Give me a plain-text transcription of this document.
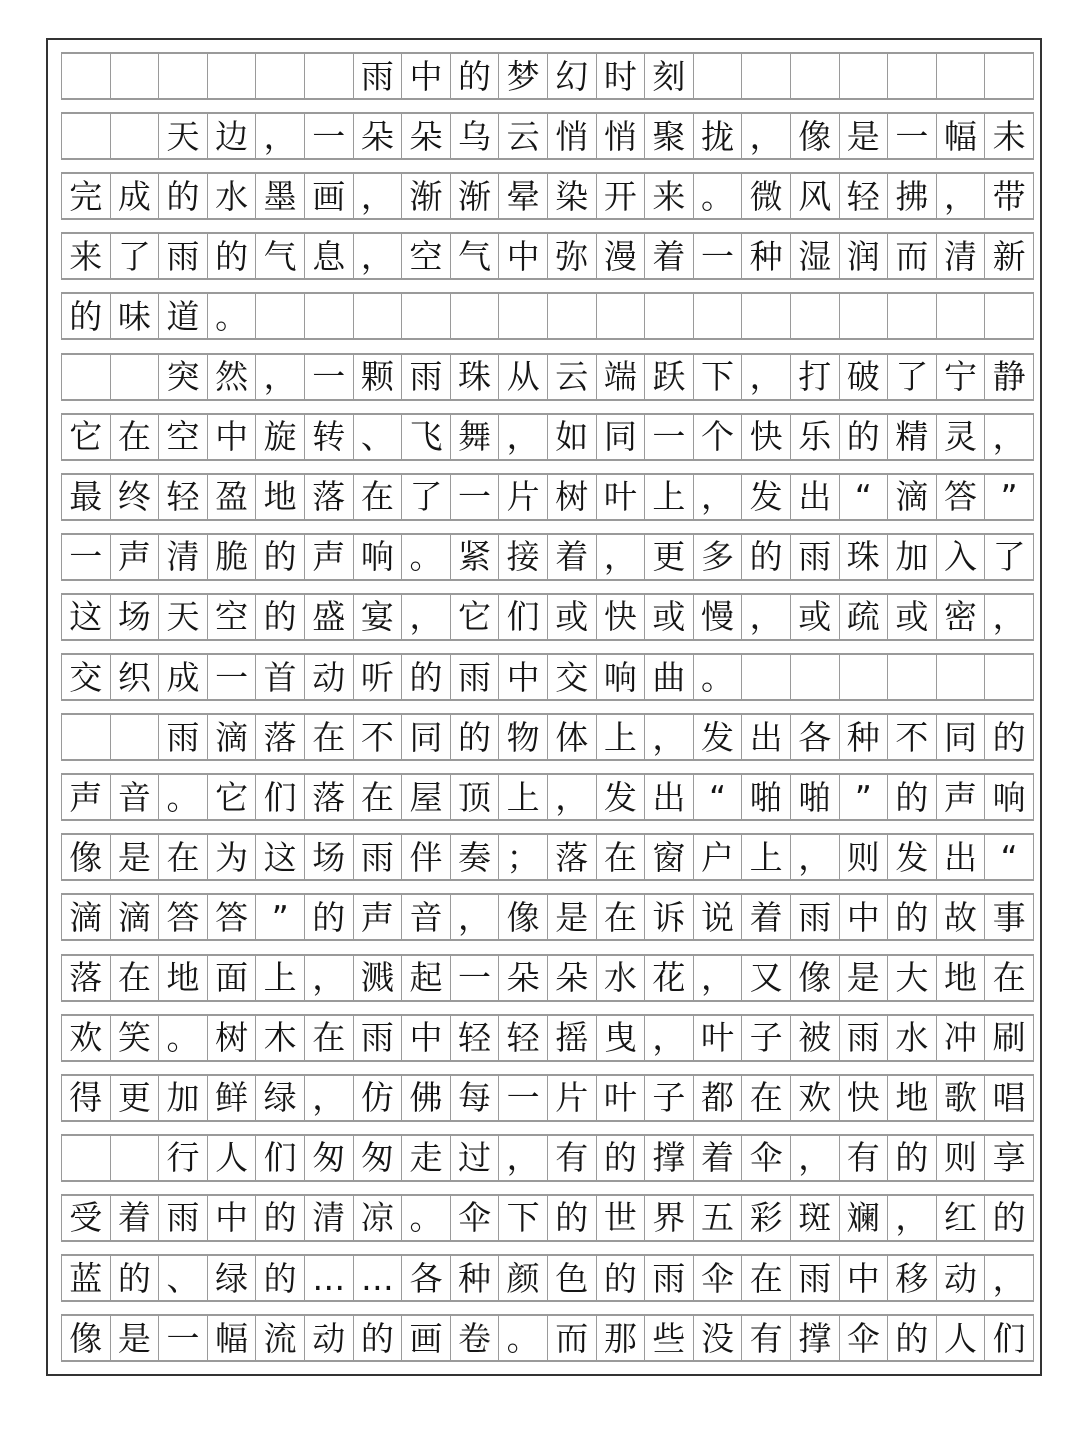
雨 中 的 梦 幻 时 刻
天 边 ， 一 朵 朵 乌 云 悄 悄 聚 拢 ， 像 是 一 幅 未
完 成 的 水 墨 画 ， 渐 渐 晕 染 开 来 。 微 风 轻 拂 ， 带
来 了 雨 的 气 息 ， 空 气 中 弥 漫 着 一 种 湿 润 而 清 新
的 味 道 。
突 然 ， 一 颗 雨 珠 从 云 端 跃 下 ， 打 破 了 宁 静
它 在 空 中 旋 转 、 飞 舞 ， 如 同 一 个 快 乐 的 精 灵 ，
最 终 轻 盈 地 落 在 了 一 片 树 叶 上 ， 发 出 “ 滴 答 ”
一 声 清 脆 的 声 响 。 紧 接 着 ， 更 多 的 雨 珠 加 入 了
这 场 天 空 的 盛 宴 ， 它 们 或 快 或 慢 ， 或 疏 或 密 ，
交 织 成 一 首 动 听 的 雨 中 交 响 曲 。
雨 滴 落 在 不 同 的 物 体 上 ， 发 出 各 种 不 同 的
声 音 。 它 们 落 在 屋 顶 上 ， 发 出 “ 啪 啪 ” 的 声 响
像 是 在 为 这 场 雨 伴 奏 ； 落 在 窗 户 上 ， 则 发 出 “
滴 滴 答 答 ” 的 声 音 ， 像 是 在 诉 说 着 雨 中 的 故 事
落 在 地 面 上 ， 溅 起 一 朵 朵 水 花 ， 又 像 是 大 地 在
欢 笑 。 树 木 在 雨 中 轻 轻 摇 曳 ， 叶 子 被 雨 水 冲 刷
得 更 加 鲜 绿 ， 仿 佛 每 一 片 叶 子 都 在 欢 快 地 歌 唱
行 人 们 匆 匆 走 过 ， 有 的 撑 着 伞 ， 有 的 则 享
受 着 雨 中 的 清 凉 。 伞 下 的 世 界 五 彩 斑 斓 ， 红 的
蓝 的 、 绿 的 … … 各 种 颜 色 的 雨 伞 在 雨 中 移 动 ，
像 是 一 幅 流 动 的 画 卷 。 而 那 些 没 有 撑 伞 的 人 们
